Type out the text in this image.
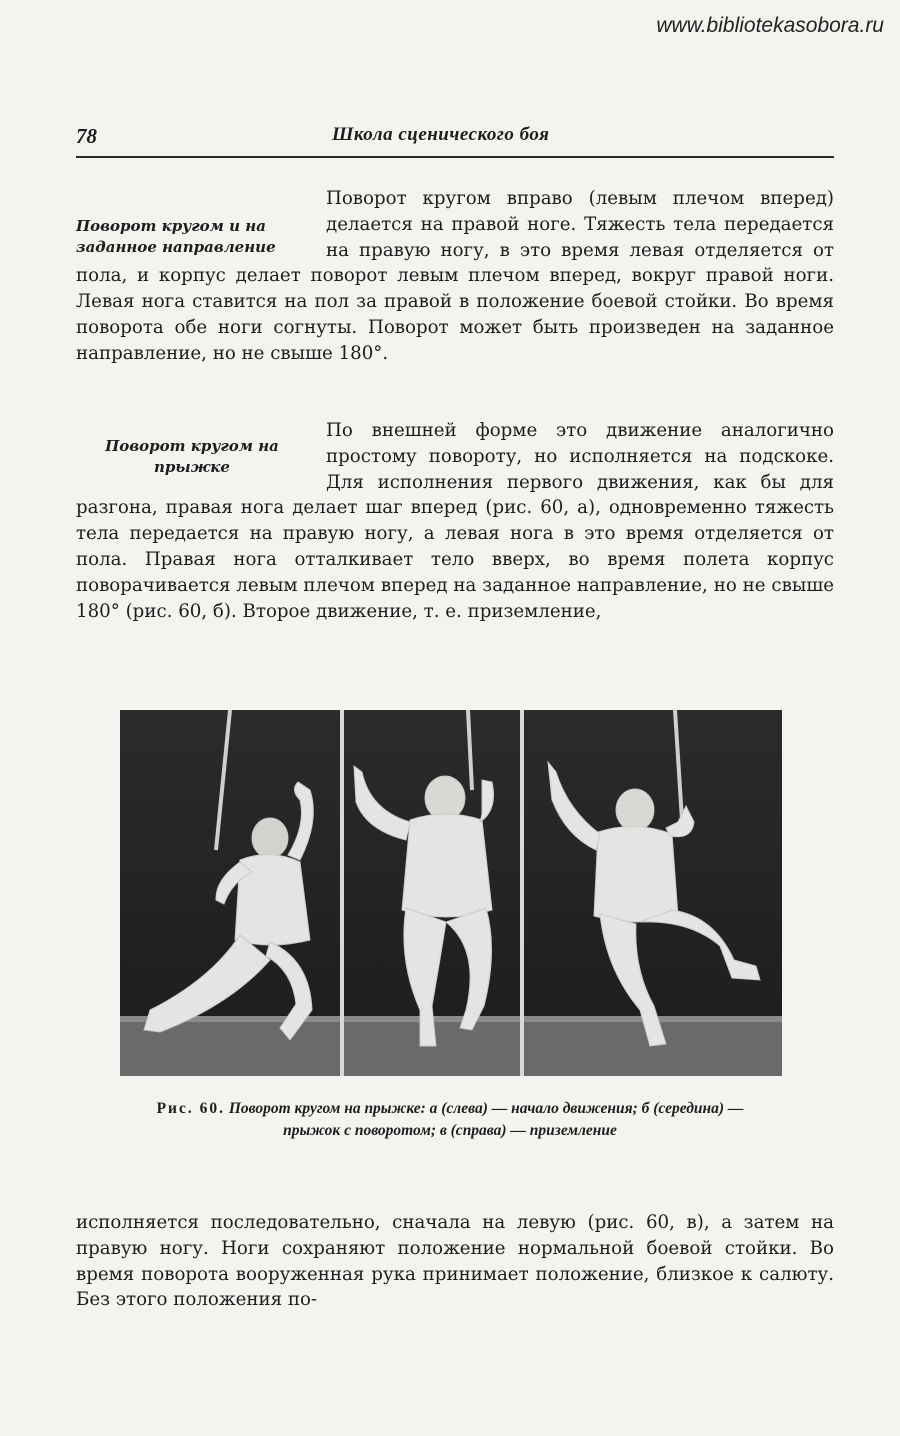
www.bibliotekasobora.ru
78	Школа сценического боя
Поворот кругом и на заданное направление

Поворот кругом вправо (левым плечом вперед) делается на правой ноге. Тяжесть тела передается на правую ногу, в это время левая отделяется от пола, и корпус делает поворот левым плечом вперед, вокруг правой ноги. Левая нога ставится на пол за правой в положение боевой стойки. Во время поворота обе ноги согнуты. Поворот может быть произведен на заданное направление, но не свыше 180°.

Поворот кругом на прыжке

По внешней форме это движение аналогично простому повороту, но исполняется на подскоке. Для исполнения первого движения, как бы для разгона, правая нога делает шаг вперед (рис. 60, а), одновременно тяжесть тела передается на правую ногу, а левая нога в это время отделяется от пола. Правая нога отталкивает тело вверх, во время полета корпус поворачивается левым плечом вперед на заданное направление, но не свыше 180° (рис. 60, б). Второе движение, т. е. приземление,

Рис. 60. Поворот кругом на прыжке: а (слева) — начало движения; б (середина) — прыжок с поворотом; в (справа) — приземление

исполняется последовательно, сначала на левую (рис. 60, в), а затем на правую ногу. Ноги сохраняют положение нормальной боевой стойки. Во время поворота вооруженная рука принимает положение, близкое к салюту. Без этого положения по-
